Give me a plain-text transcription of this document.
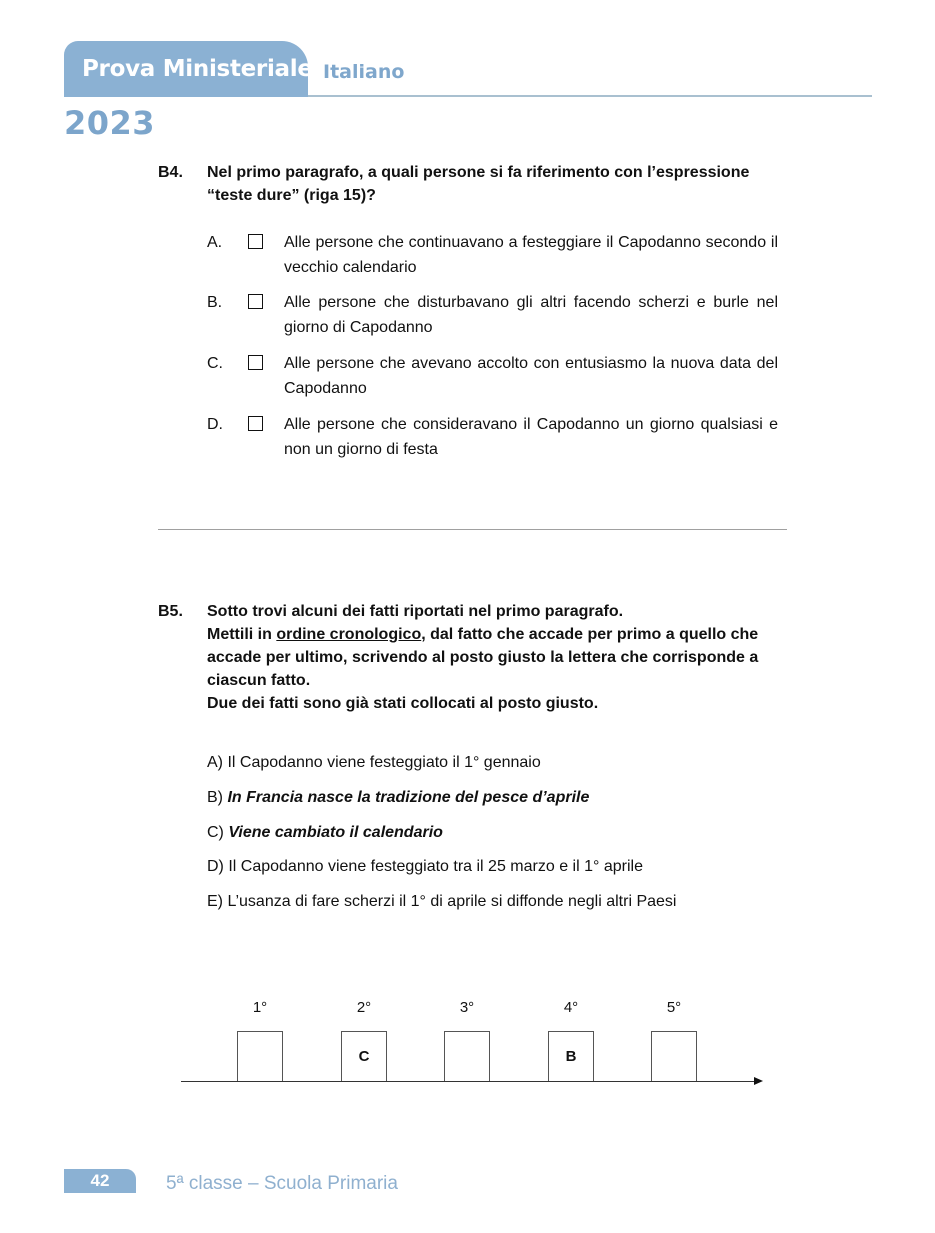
Prova Ministeriale Italiano
2023
B4. Nel primo paragrafo, a quali persone si fa riferimento con l’espressione “teste dure” (riga 15)?
A.	Alle persone che continuavano a festeggiare il Capodanno secondo il vecchio calendario
B.	Alle persone che disturbavano gli altri facendo scherzi e burle nel giorno di Capodanno
C.	Alle persone che avevano accolto con entusiasmo la nuova data del Capodanno
D.	Alle persone che consideravano il Capodanno un giorno qualsiasi e non un giorno di festa
B5. Sotto trovi alcuni dei fatti riportati nel primo paragrafo.
Mettili in ordine cronologico, dal fatto che accade per primo a quello che accade per ultimo, scrivendo al posto giusto la lettera che corrisponde a ciascun fatto.
Due dei fatti sono già stati collocati al posto giusto.
A) Il Capodanno viene festeggiato il 1° gennaio
B) In Francia nasce la tradizione del pesce d’aprile
C) Viene cambiato il calendario
D) Il Capodanno viene festeggiato tra il 25 marzo e il 1° aprile
E) L’usanza di fare scherzi il 1° di aprile si diffonde negli altri Paesi
1°	2°
C
3°	4°
B
5°
42	5ª classe – Scuola Primaria
